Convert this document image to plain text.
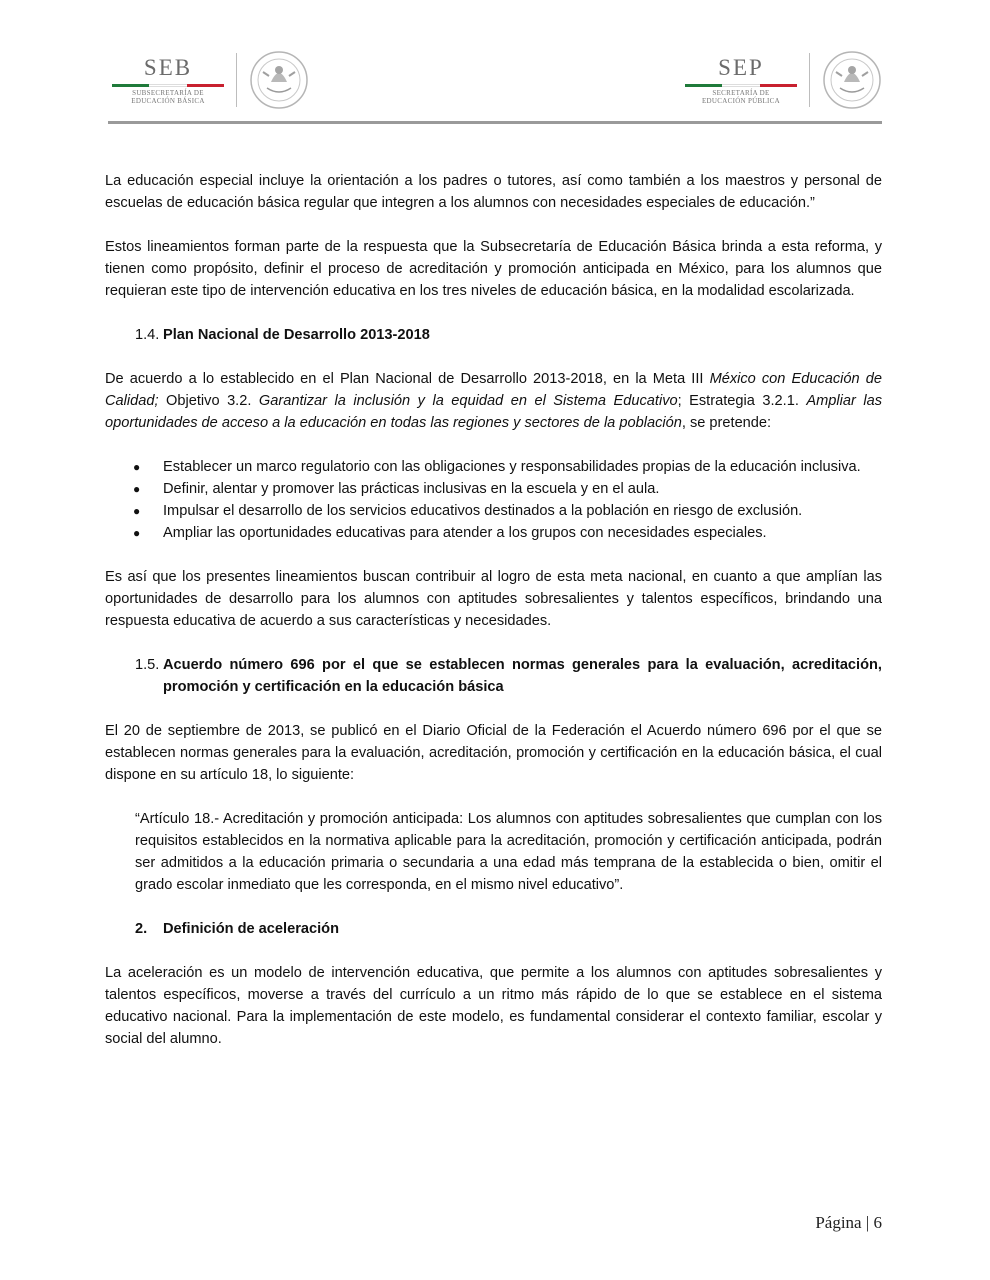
SEB
SUBSECRETARÍA DE
EDUCACIÓN BÁSICA
SEP
SECRETARÍA DE
EDUCACIÓN PÚBLICA

La educación especial incluye la orientación a los padres o tutores, así como también a los maestros y personal de escuelas de educación básica regular que integren a los alumnos con necesidades especiales de educación.”

Estos lineamientos forman parte de la respuesta que la Subsecretaría de Educación Básica brinda a esta reforma, y tienen como propósito, definir el proceso de acreditación y promoción anticipada en México, para los alumnos que requieran este tipo de intervención educativa en los tres niveles de educación básica, en la modalidad escolarizada.

1.4. Plan Nacional de Desarrollo 2013-2018

De acuerdo a lo establecido en el Plan Nacional de Desarrollo 2013-2018, en la Meta III México con Educación de Calidad; Objetivo 3.2. Garantizar la inclusión y la equidad en el Sistema Educativo; Estrategia 3.2.1. Ampliar las oportunidades de acceso a la educación en todas las regiones y sectores de la población, se pretende:

● Establecer un marco regulatorio con las obligaciones y responsabilidades propias de la educación inclusiva.
● Definir, alentar y promover las prácticas inclusivas en la escuela y en el aula.
● Impulsar el desarrollo de los servicios educativos destinados a la población en riesgo de exclusión.
● Ampliar las oportunidades educativas para atender a los grupos con necesidades especiales.

Es así que los presentes lineamientos buscan contribuir al logro de esta meta nacional, en cuanto a que amplían las oportunidades de desarrollo para los alumnos con aptitudes sobresalientes y talentos específicos, brindando una respuesta educativa de acuerdo a sus características y necesidades.

1.5. Acuerdo número 696 por el que se establecen normas generales para la evaluación, acreditación, promoción y certificación en la educación básica

El 20 de septiembre de 2013, se publicó en el Diario Oficial de la Federación el Acuerdo número 696 por el que se establecen normas generales para la evaluación, acreditación, promoción y certificación en la educación básica, el cual dispone en su artículo 18, lo siguiente:

“Artículo 18.- Acreditación y promoción anticipada: Los alumnos con aptitudes sobresalientes que cumplan con los requisitos establecidos en la normativa aplicable para la acreditación, promoción y certificación anticipada, podrán ser admitidos a la educación primaria o secundaria a una edad más temprana de la establecida o bien, omitir el grado escolar inmediato que les corresponda, en el mismo nivel educativo”.

2. Definición de aceleración

La aceleración es un modelo de intervención educativa, que permite a los alumnos con aptitudes sobresalientes y talentos específicos, moverse a través del currículo a un ritmo más rápido de lo que se establece en el sistema educativo nacional. Para la implementación de este modelo, es fundamental considerar el contexto familiar, escolar y social del alumno.

Página | 6
